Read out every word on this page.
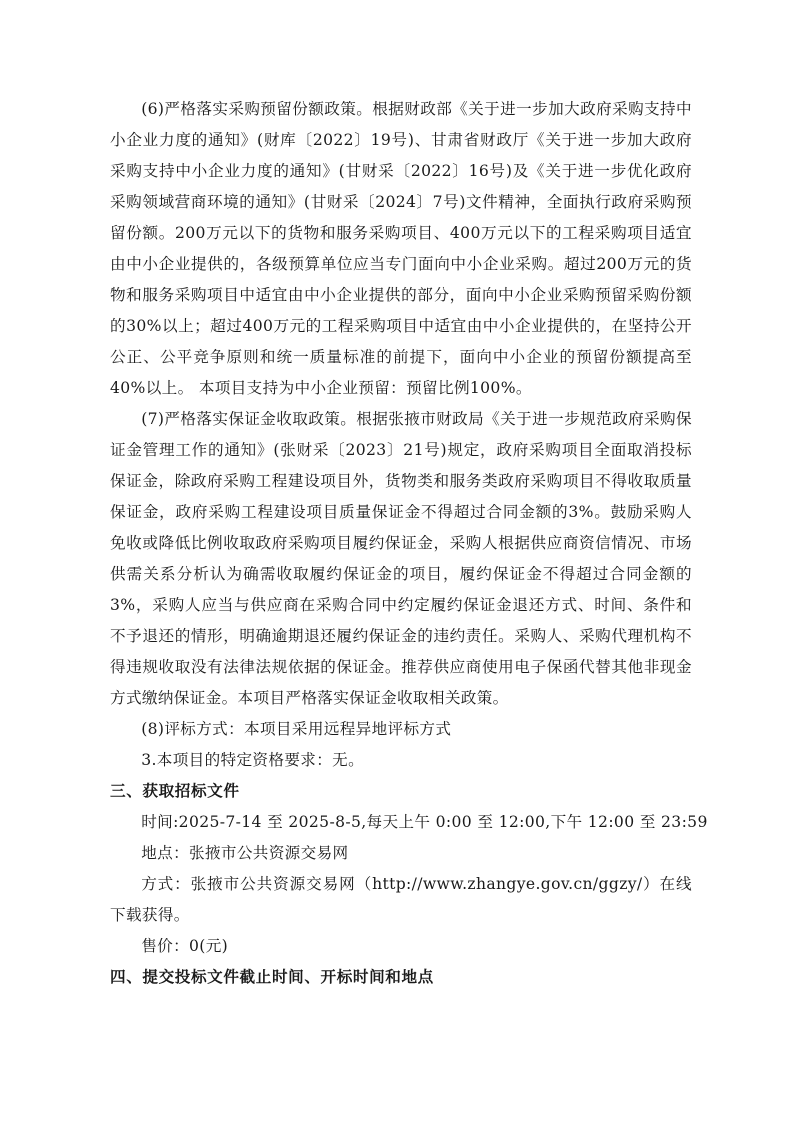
(6)严格落实采购预留份额政策。根据财政部《关于进一步加大政府采购支持中小企业力度的通知》(财库〔2022〕19号)、甘肃省财政厅《关于进一步加大政府采购支持中小企业力度的通知》(甘财采〔2022〕16号)及《关于进一步优化政府采购领域营商环境的通知》(甘财采〔2024〕7号)文件精神，全面执行政府采购预留份额。200万元以下的货物和服务采购项目、400万元以下的工程采购项目适宜由中小企业提供的，各级预算单位应当专门面向中小企业采购。超过200万元的货物和服务采购项目中适宜由中小企业提供的部分，面向中小企业采购预留采购份额的30%以上；超过400万元的工程采购项目中适宜由中小企业提供的，在坚持公开公正、公平竞争原则和统一质量标准的前提下，面向中小企业的预留份额提高至40%以上。 本项目支持为中小企业预留：预留比例100%。

(7)严格落实保证金收取政策。根据张掖市财政局《关于进一步规范政府采购保证金管理工作的通知》(张财采〔2023〕21号)规定，政府采购项目全面取消投标保证金，除政府采购工程建设项目外，货物类和服务类政府采购项目不得收取质量保证金，政府采购工程建设项目质量保证金不得超过合同金额的3%。鼓励采购人免收或降低比例收取政府采购项目履约保证金，采购人根据供应商资信情况、市场供需关系分析认为确需收取履约保证金的项目，履约保证金不得超过合同金额的3%，采购人应当与供应商在采购合同中约定履约保证金退还方式、时间、条件和不予退还的情形，明确逾期退还履约保证金的违约责任。采购人、采购代理机构不得违规收取没有法律法规依据的保证金。推荐供应商使用电子保函代替其他非现金方式缴纳保证金。本项目严格落实保证金收取相关政策。

(8)评标方式：本项目采用远程异地评标方式

3.本项目的特定资格要求：无。

三、获取招标文件

时间:2025-7-14 至 2025-8-5,每天上午 0:00 至 12:00,下午 12:00 至 23:59

地点：张掖市公共资源交易网

方式：张掖市公共资源交易网（http://www.zhangye.gov.cn/ggzy/）在线下载获得。

售价：0(元)

四、提交投标文件截止时间、开标时间和地点
